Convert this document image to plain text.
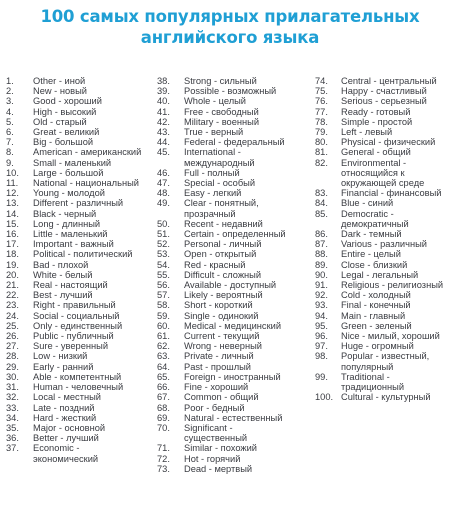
100 самых популярных прилагательных
английского языка
1.	Other - иной
2.	New - новый
3.	Good - хороший
4.	High - высокий
5.	Old - старый
6.	Great - великий
7.	Big - большой
8.	American - американский
9.	Small - маленький
10.	Large - большой
11.	National - национальный
12.	Young - молодой
13.	Different - различный
14.	Black - черный
15.	Long - длинный
16.	Little - маленький
17.	Important - важный
18.	Political - политический
19.	Bad - плохой
20.	White - белый
21.	Real - настоящий
22.	Best - лучший
23.	Right - правильный
24.	Social - социальный
25.	Only - единственный
26.	Public - публичный
27.	Sure - уверенный
28.	Low - низкий
29.	Early - ранний
30.	Able - компетентный
31.	Human - человечный
32.	Local - местный
33.	Late - поздний
34.	Hard - жесткий
35.	Major - основной
36.	Better - лучший
37.	Economic -
экономический
38.	Strong - сильный
39.	Possible - возможный
40.	Whole - целый
41.	Free - свободный
42.	Military - военный
43.	True - верный
44.	Federal - федеральный
45.	International -
международный
46.	Full - полный
47.	Special - особый
48.	Easy - легкий
49.	Clear - понятный,
прозрачный
50.	Recent - недавний
51.	Certain - определенный
52.	Personal - личный
53.	Open - открытый
54.	Red - красный
55.	Difficult - сложный
56.	Available - доступный
57.	Likely - вероятный
58.	Short - короткий
59.	Single - одинокий
60.	Medical - медицинский
61.	Current - текущий
62.	Wrong - неверный
63.	Private - личный
64.	Past - прошлый
65.	Foreign - иностранный
66.	Fine - хороший
67.	Common - общий
68.	Poor - бедный
69.	Natural - естественный
70.	Significant -
существенный
71.	Similar - похожий
72.	Hot - горячий
73.	Dead - мертвый
74.	Central - центральный
75.	Happy - счастливый
76.	Serious - серьезный
77.	Ready - готовый
78.	Simple - простой
79.	Left - левый
80.	Physical - физический
81.	General - общий
82.	Environmental -
относящийся к
окружающей среде
83.	Financial - финансовый
84.	Blue - синий
85.	Democratic -
демократичный
86.	Dark - темный
87.	Various - различный
88.	Entire - целый
89.	Close - близкий
90.	Legal - легальный
91.	Religious - религиозный
92.	Cold - холодный
93.	Final - конечный
94.	Main - главный
95.	Green - зеленый
96.	Nice - милый, хороший
97.	Huge - огромный
98.	Popular - известный,
популярный
99.	Traditional -
традиционный
100. Cultural - культурный
